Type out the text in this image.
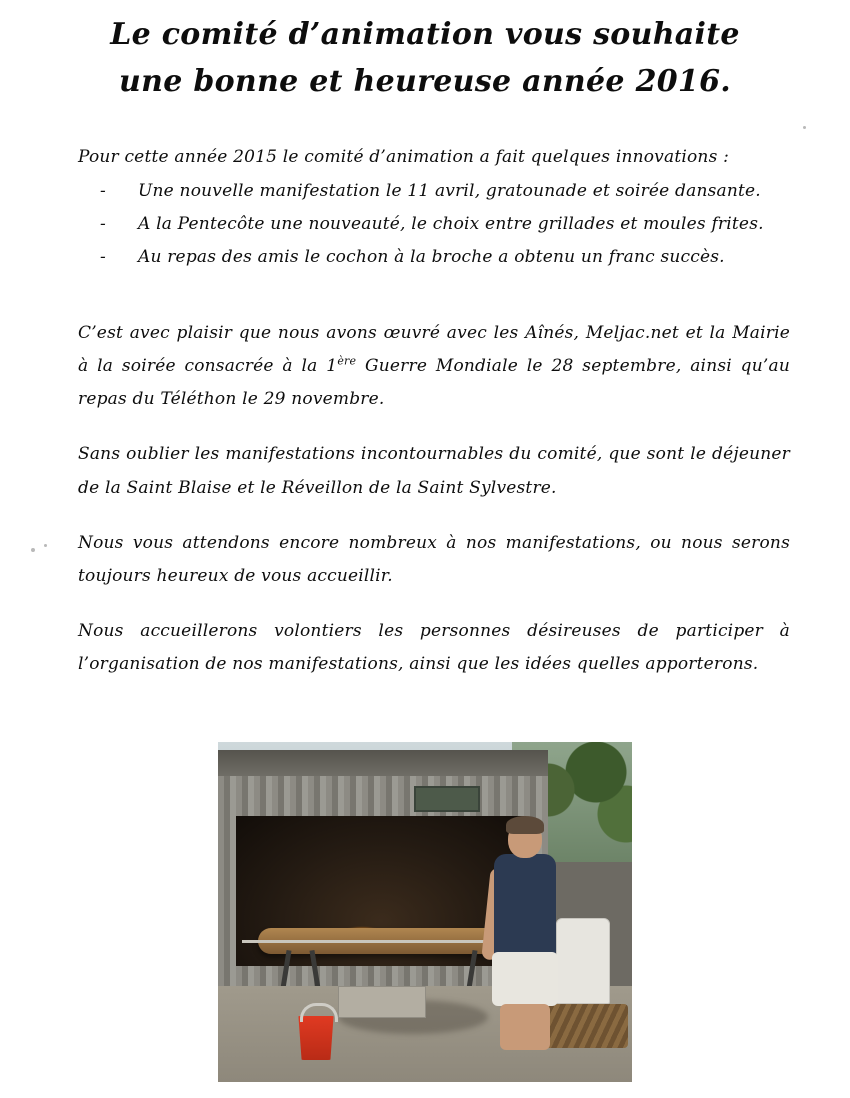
Le comité d’animation vous souhaite
une bonne et heureuse année 2016.

Pour cette année 2015 le comité d’animation a fait quelques innovations :

-	Une nouvelle manifestation le 11 avril, gratounade et soirée dansante.
-	A la Pentecôte une nouveauté, le choix entre grillades et moules frites.
-	Au repas des amis le cochon à la broche a obtenu un franc succès.

C’est avec plaisir que nous avons œuvré avec les Aînés, Meljac.net et la Mairie à la soirée consacrée à la 1ère Guerre Mondiale le 28 septembre, ainsi qu’au repas du Téléthon le 29 novembre.

Sans oublier les manifestations incontournables du comité, que sont le déjeuner de la Saint Blaise et le Réveillon de la Saint Sylvestre.

Nous vous attendons encore nombreux à nos manifestations, ou nous serons toujours heureux de vous accueillir.

Nous accueillerons volontiers les personnes désireuses de participer à l’organisation de nos manifestations, ainsi que les idées quelles apporterons.
